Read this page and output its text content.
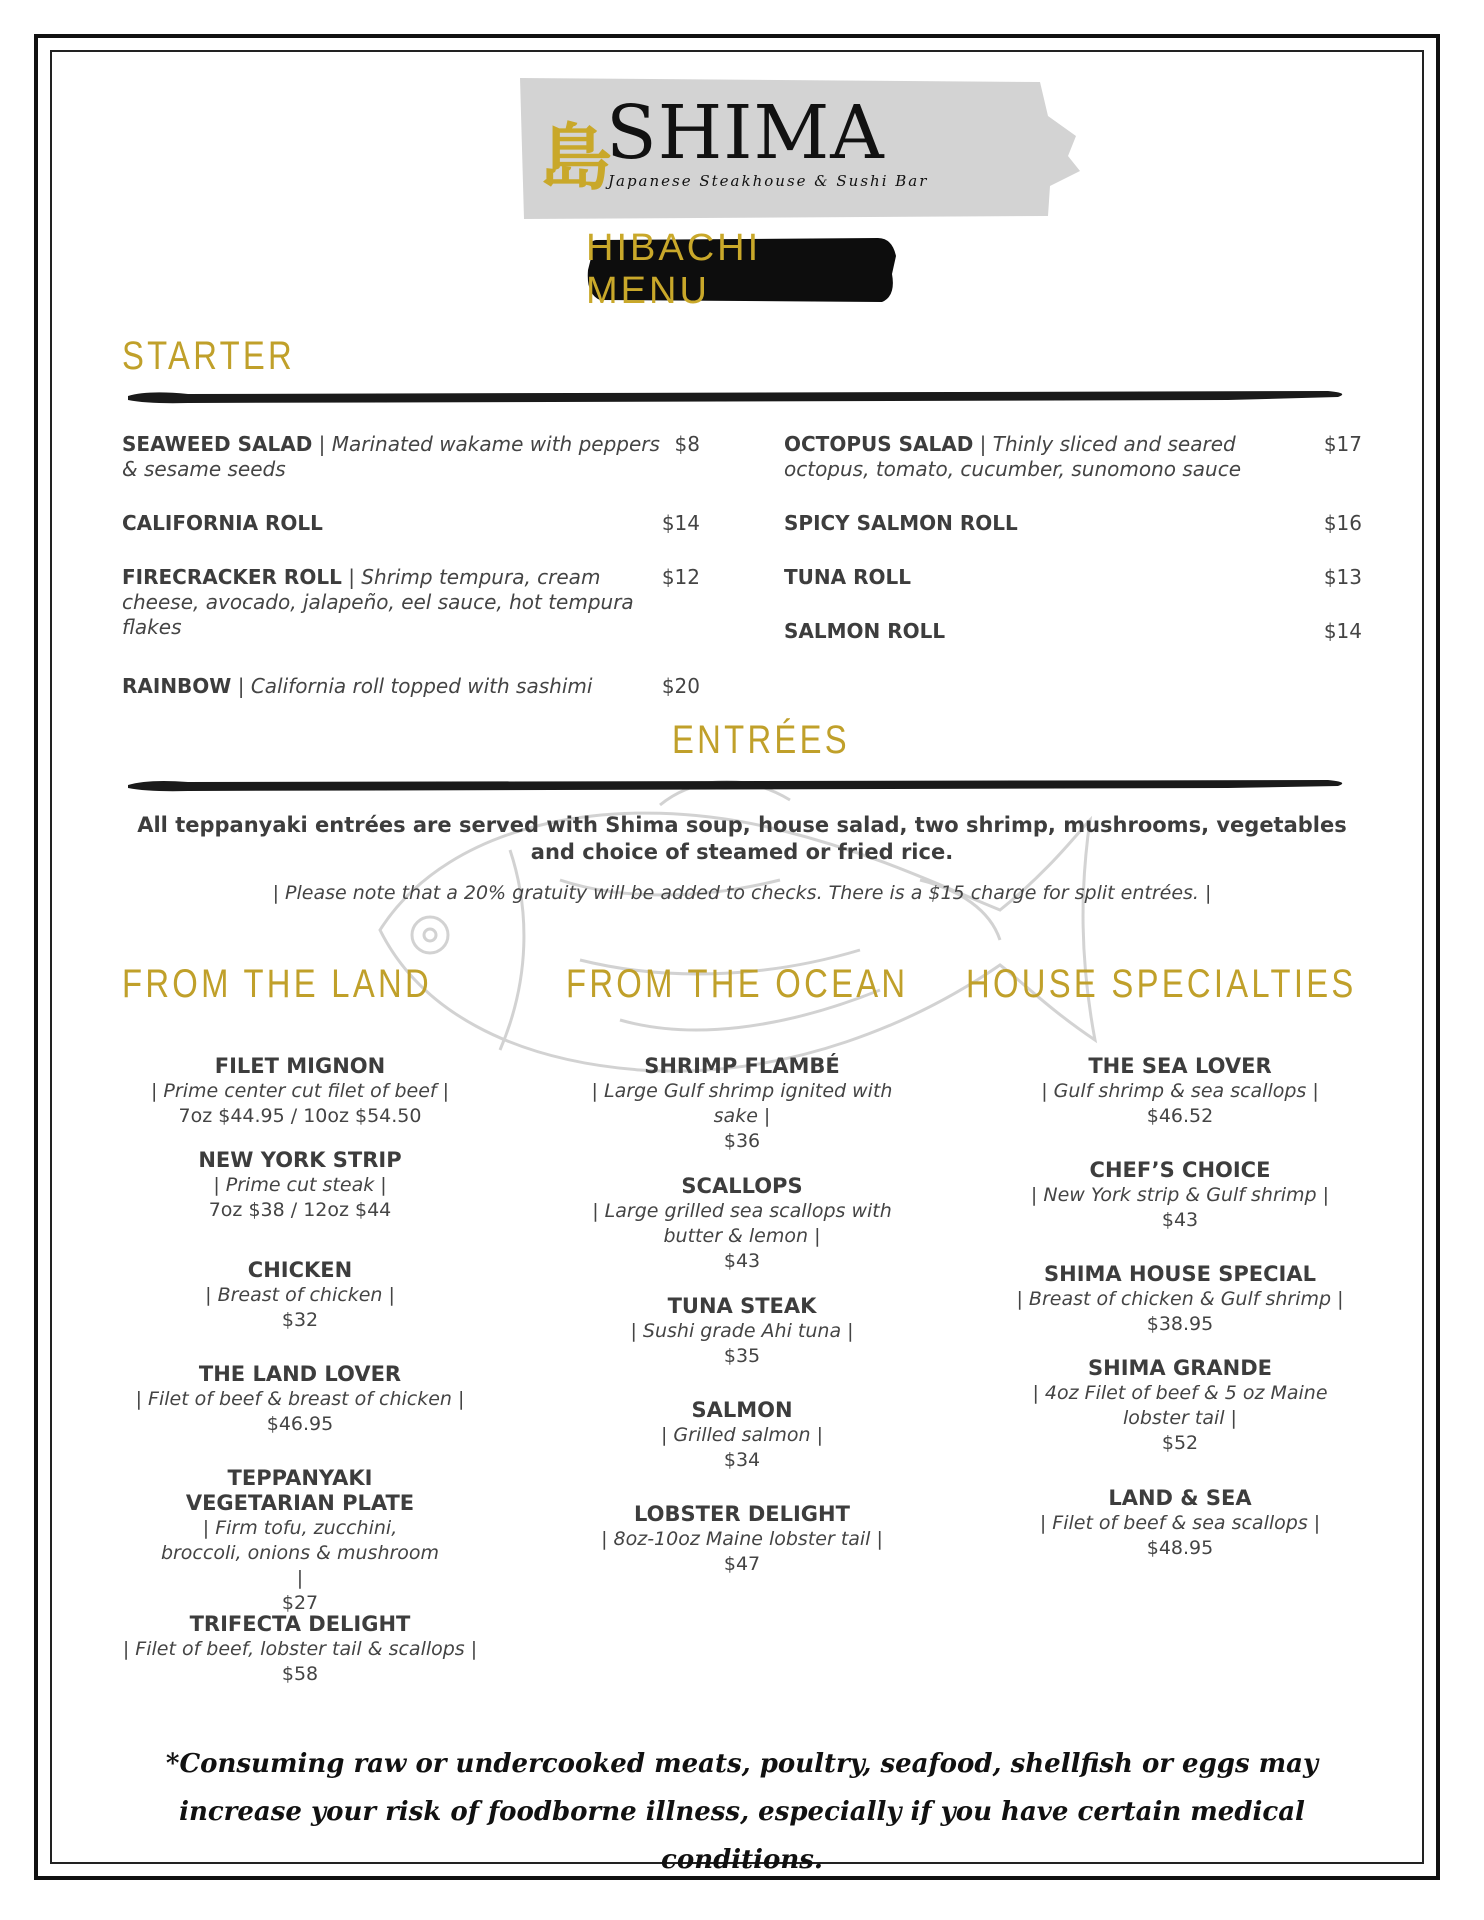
島
SHIMA
Japanese Steakhouse & Sushi Bar
HIBACHI MENU
STARTER
SEAWEED SALAD | Marinated wakame with peppers & sesame seeds
$8
CALIFORNIA ROLL	$14
FIRECRACKER ROLL | Shrimp tempura, cream cheese, avocado, jalapeño, eel sauce, hot tempura flakes
$12
RAINBOW | California roll topped with sashimi	$20
OCTOPUS SALAD | Thinly sliced and seared octopus, tomato, cucumber, sunomono sauce
$17
SPICY SALMON ROLL	$16
TUNA ROLL	$13
SALMON ROLL	$14
ENTRÉES
All teppanyaki entrées are served with Shima soup, house salad, two shrimp, mushrooms, vegetables and choice of steamed or fried rice.
| Please note that a 20% gratuity will be added to checks. There is a $15 charge for split entrées. |
FROM THE LAND	FROM THE OCEAN HOUSE SPECIALTIES
FILET MIGNON
| Prime center cut filet of beef |
7oz $44.95 / 10oz $54.50
NEW YORK STRIP
| Prime cut steak |
7oz $38 / 12oz $44
CHICKEN
| Breast of chicken |
$32
THE LAND LOVER
| Filet of beef & breast of chicken |
$46.95
TEPPANYAKI VEGETARIAN PLATE
| Firm tofu, zucchini, broccoli, onions & mushroom |
$27
TRIFECTA DELIGHT
| Filet of beef, lobster tail & scallops |
$58
SHRIMP FLAMBÉ
| Large Gulf shrimp ignited with sake |
$36
SCALLOPS
| Large grilled sea scallops with butter & lemon |
$43
TUNA STEAK
| Sushi grade Ahi tuna |
$35
SALMON
| Grilled salmon |
$34
LOBSTER DELIGHT
| 8oz-10oz Maine lobster tail |
$47
THE SEA LOVER
| Gulf shrimp & sea scallops |
$46.52
CHEF’S CHOICE
| New York strip & Gulf shrimp |
$43
SHIMA HOUSE SPECIAL
| Breast of chicken & Gulf shrimp |
$38.95
SHIMA GRANDE
| 4oz Filet of beef & 5 oz Maine lobster tail |
$52
LAND & SEA
| Filet of beef & sea scallops |
$48.95
*Consuming raw or undercooked meats, poultry, seafood, shellfish or eggs may increase your risk of foodborne illness, especially if you have certain medical conditions.
